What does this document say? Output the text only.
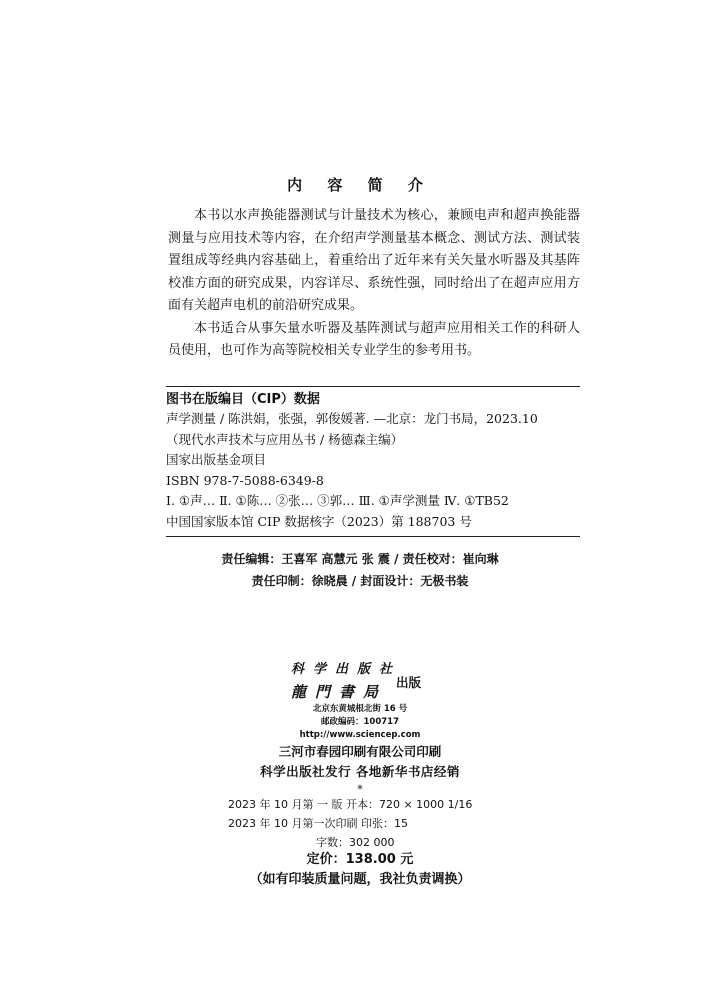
内 容 简 介

本书以水声换能器测试与计量技术为核心，兼顾电声和超声换能器测量与应用技术等内容，在介绍声学测量基本概念、测试方法、测试装置组成等经典内容基础上，着重给出了近年来有关矢量水听器及其基阵校准方面的研究成果，内容详尽、系统性强，同时给出了在超声应用方面有关超声电机的前沿研究成果。

本书适合从事矢量水听器及基阵测试与超声应用相关工作的科研人员使用，也可作为高等院校相关专业学生的参考用书。

图书在版编目（CIP）数据
声学测量 / 陈洪娟，张强，郭俊媛著. —北京：龙门书局，2023.10
（现代水声技术与应用丛书 / 杨德森主编）
国家出版基金项目
ISBN 978-7-5088-6349-8
Ⅰ. ①声… Ⅱ. ①陈… ②张… ③郭… Ⅲ. ①声学测量 Ⅳ. ①TB52
中国国家版本馆 CIP 数据核字（2023）第 188703 号
责任编辑：王喜军 高慧元 张 震 / 责任校对：崔向琳
责任印制：徐晓晨 / 封面设计：无极书装
科学出版社
龍門書局
出版
北京东黄城根北街 16 号
邮政编码：100717
http://www.sciencep.com
三河市春园印刷有限公司印刷
科学出版社发行 各地新华书店经销
*
2023 年 10 月第 一 版 开本：720 × 1000 1/16
2023 年 10 月第一次印刷 印张：15
字数：302 000
定价：138.00 元
（如有印装质量问题，我社负责调换）
